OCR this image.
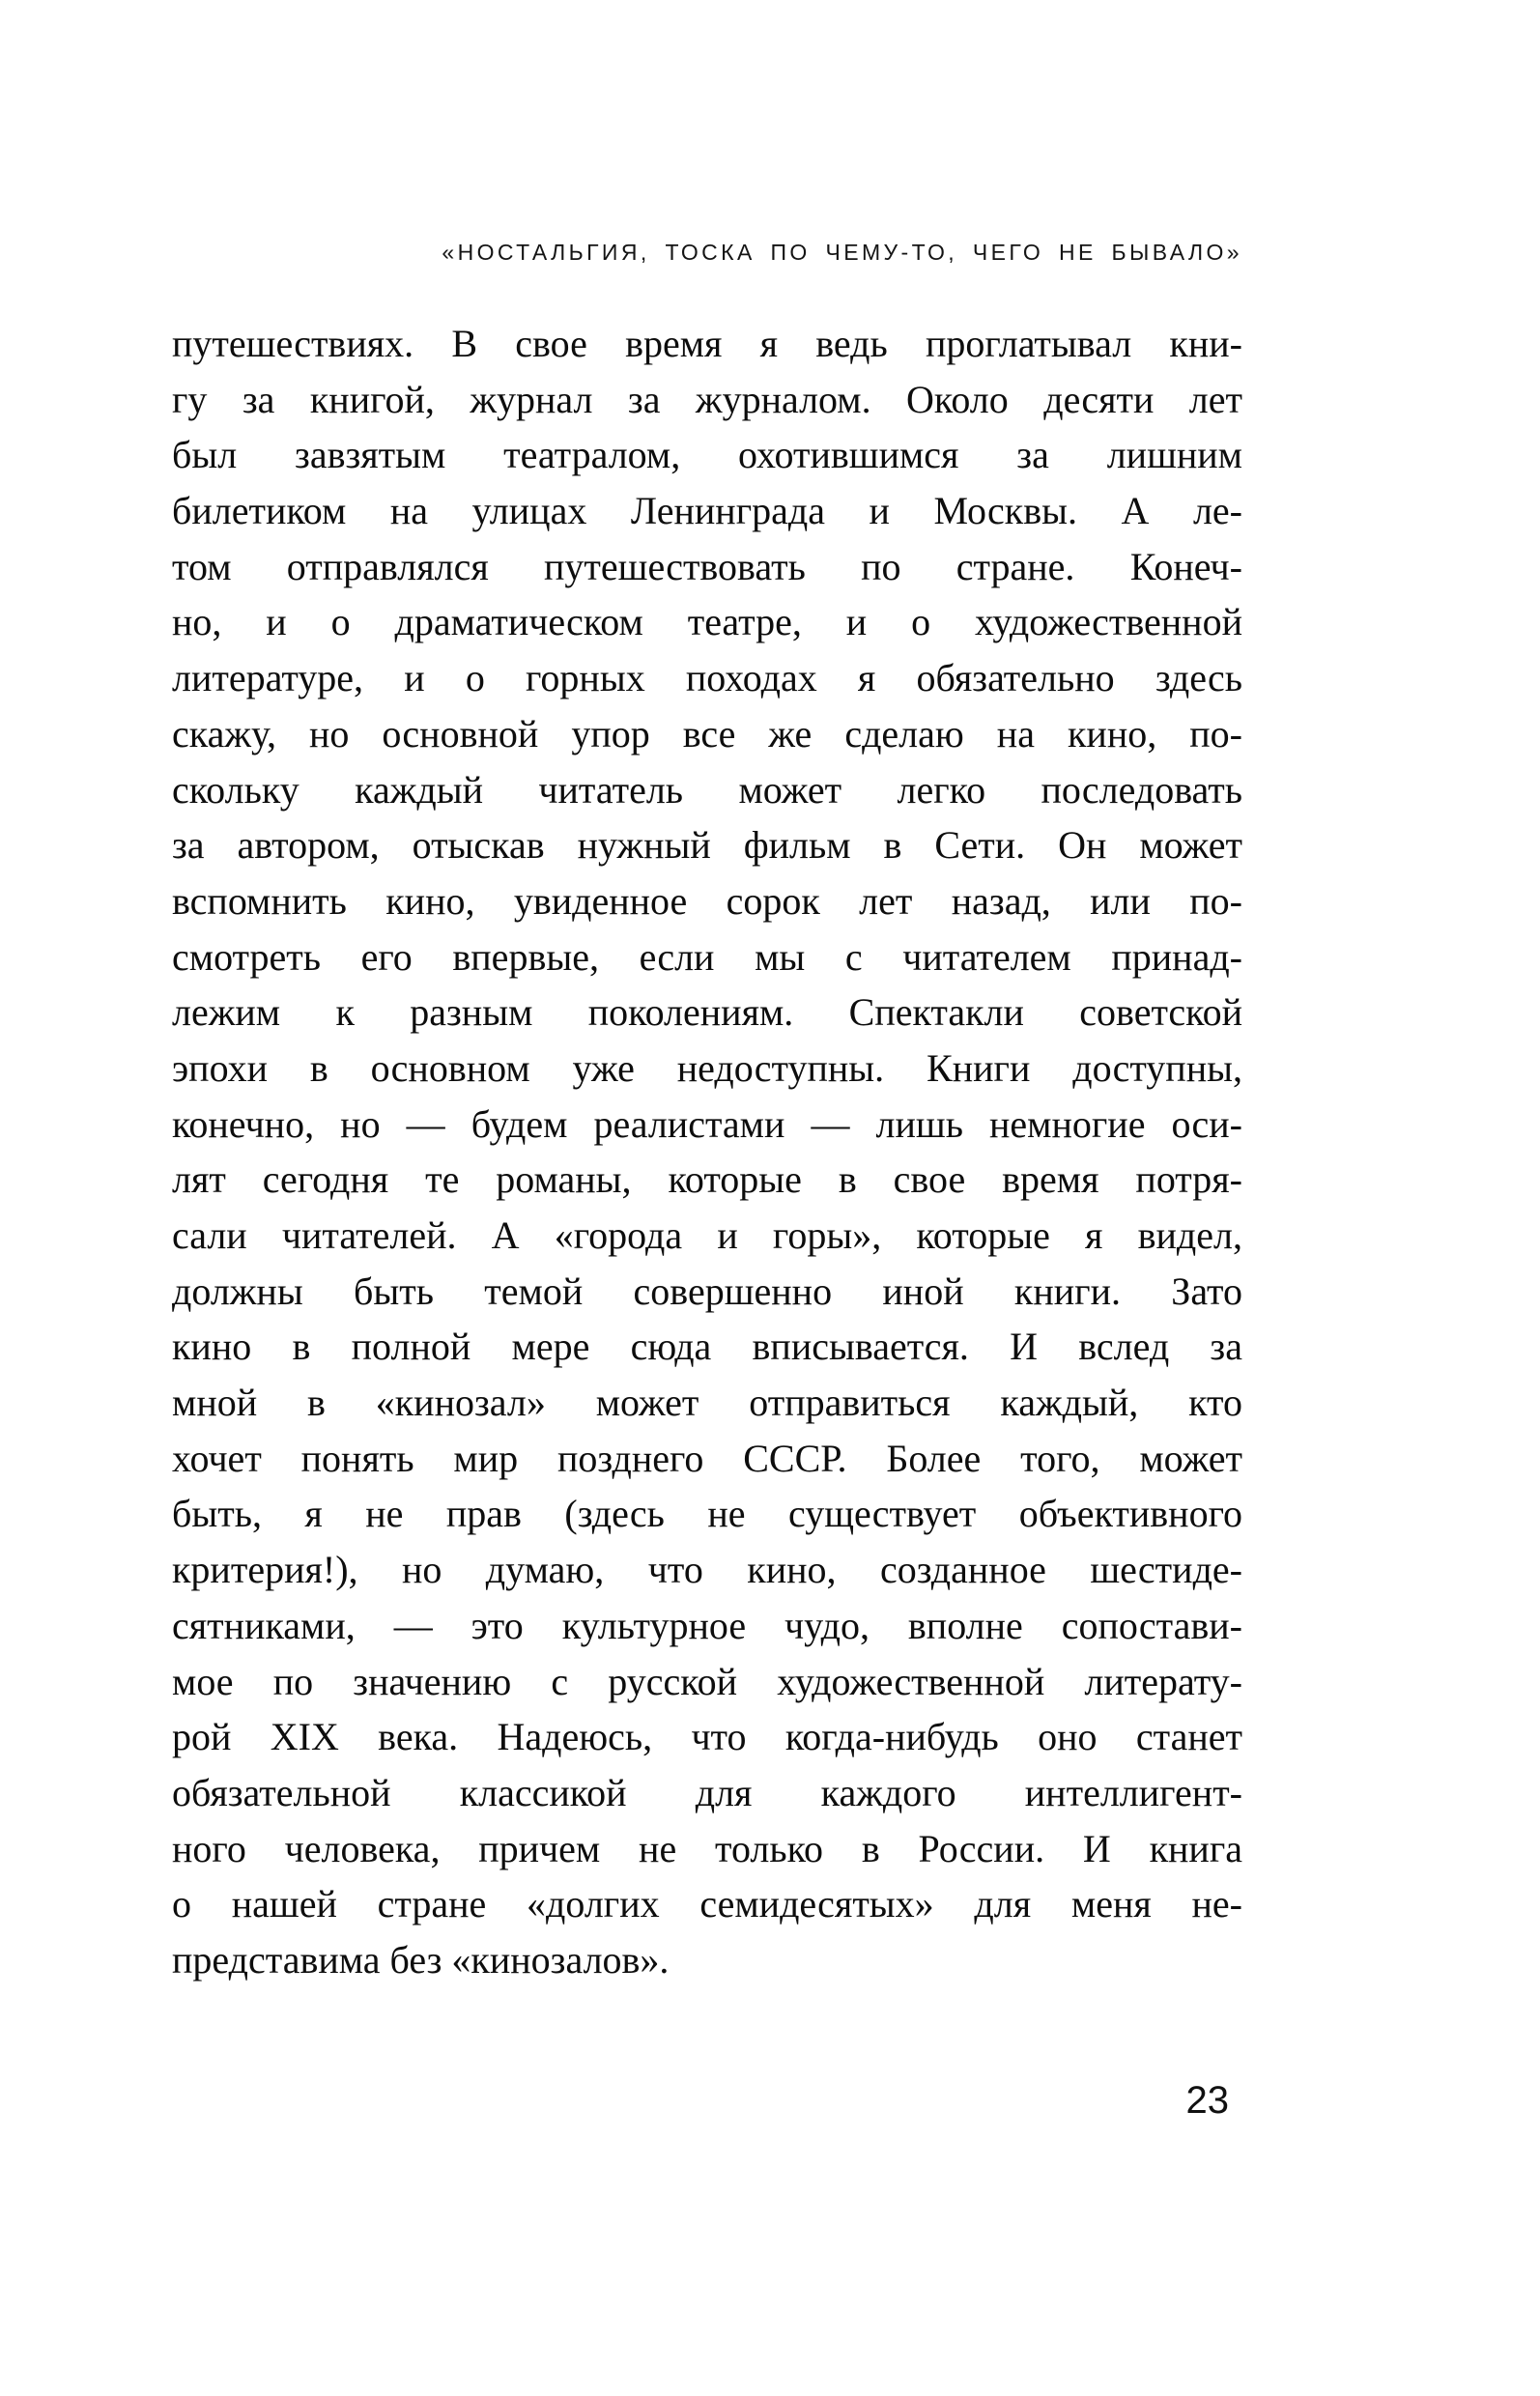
«НОСТАЛЬГИЯ, ТОСКА ПО ЧЕМУ-ТО, ЧЕГО НЕ БЫВАЛО»
путешествиях. В свое время я ведь проглатывал кни-
гу за книгой, журнал за журналом. Около десяти лет
был завзятым театралом, охотившимся за лишним
билетиком на улицах Ленинграда и Москвы. А ле-
том отправлялся путешествовать по стране. Конеч-
но, и о драматическом театре, и о художественной
литературе, и о горных походах я обязательно здесь
скажу, но основной упор все же сделаю на кино, по-
скольку каждый читатель может легко последовать
за автором, отыскав нужный фильм в Сети. Он может
вспомнить кино, увиденное сорок лет назад, или по-
смотреть его впервые, если мы с читателем принад-
лежим к разным поколениям. Спектакли советской
эпохи в основном уже недоступны. Книги доступны,
конечно, но — будем реалистами — лишь немногие оси-
лят сегодня те романы, которые в свое время потря-
сали читателей. А «города и горы», которые я видел,
должны быть темой совершенно иной книги. Зато
кино в полной мере сюда вписывается. И вслед за
мной в «кинозал» может отправиться каждый, кто
хочет понять мир позднего СССР. Более того, может
быть, я не прав (здесь не существует объективного
критерия!), но думаю, что кино, созданное шестиде-
сятниками, — это культурное чудо, вполне сопостави-
мое по значению с русской художественной литерату-
рой XIX века. Надеюсь, что когда-нибудь оно станет
обязательной классикой для каждого интеллигент-
ного человека, причем не только в России. И книга
о нашей стране «долгих семидесятых» для меня не-
представима без «кинозалов».
23
